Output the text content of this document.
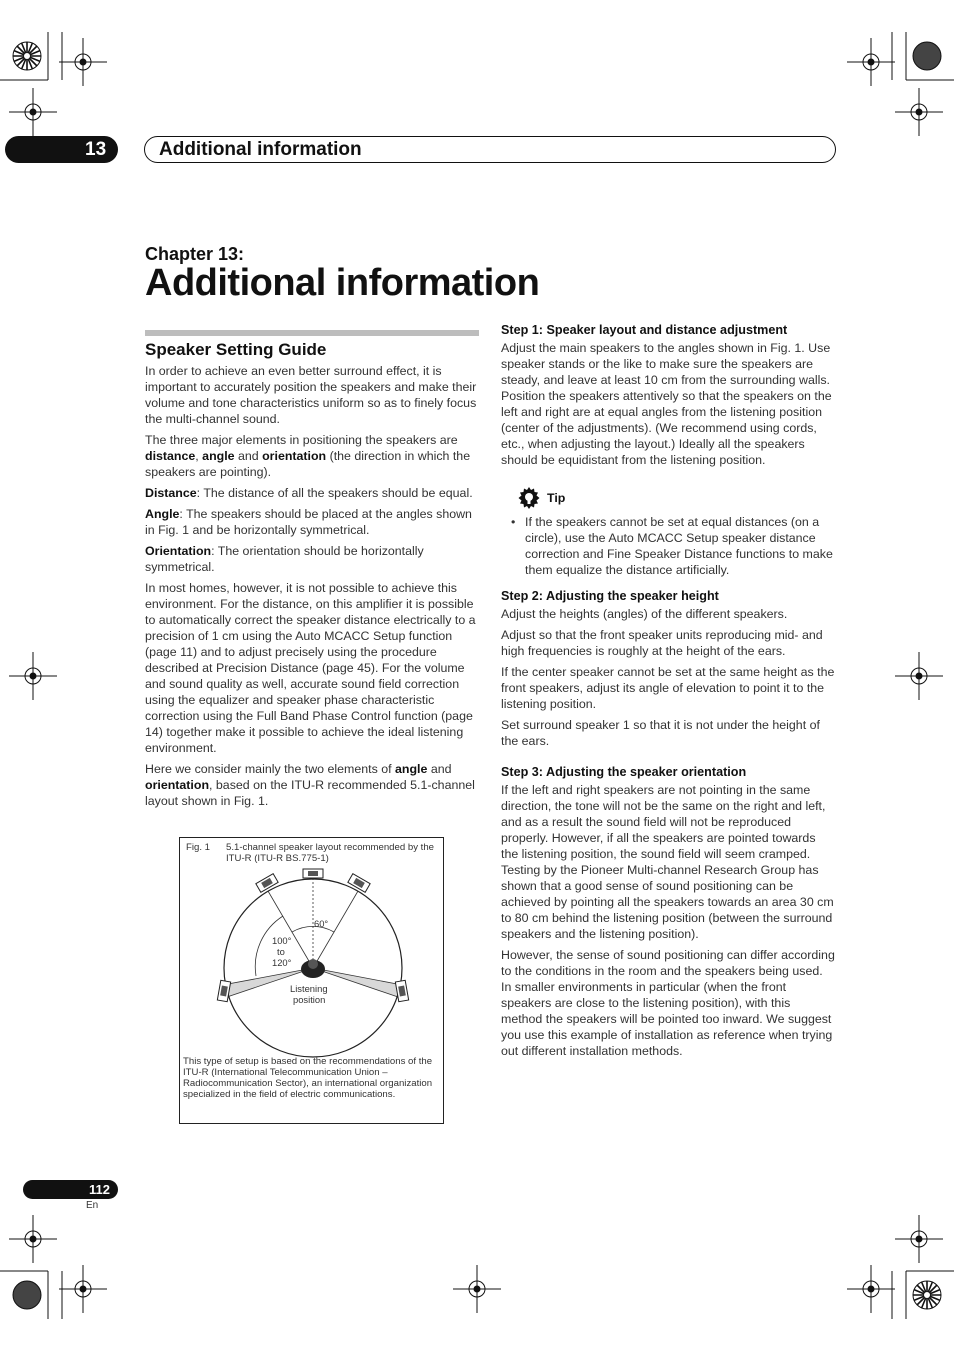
13	Additional information
Chapter 13:
Additional information
Speaker Setting Guide

In order to achieve an even better surround effect, it is important to accurately position the speakers and make their volume and tone characteristics uniform so as to finely focus the multi-channel sound.

The three major elements in positioning the speakers are distance, angle and orientation (the direction in which the speakers are pointing).

Distance: The distance of all the speakers should be equal.

Angle: The speakers should be placed at the angles shown in Fig. 1 and be horizontally symmetrical.

Orientation: The orientation should be horizontally symmetrical.

In most homes, however, it is not possible to achieve this environment. For the distance, on this amplifier it is possible to automatically correct the speaker distance electrically to a precision of 1 cm using the Auto MCACC Setup function (page 11) and to adjust precisely using the procedure described at Precision Distance (page 45). For the volume and sound quality as well, accurate sound field correction using the equalizer and speaker phase characteristic correction using the Full Band Phase Control function (page 14) together make it possible to achieve the ideal listening environment.

Here we consider mainly the two elements of angle and orientation, based on the ITU-R recommended 5.1-channel layout shown in Fig. 1.

60°
100°
to
120°
Listening
position
Fig. 1 5.1-channel speaker layout recommended by the ITU-R (ITU-R BS.775-1)
This type of setup is based on the recommendations of the ITU-R (International Telecommunication Union – Radiocommunication Sector), an international organization specialized in the field of electric communications.
Step 1: Speaker layout and distance adjustment

Adjust the main speakers to the angles shown in Fig. 1. Use speaker stands or the like to make sure the speakers are steady, and leave at least 10 cm from the surrounding walls. Position the speakers attentively so that the speakers on the left and right are at equal angles from the listening position (center of the adjustments). (We recommend using cords, etc., when adjusting the layout.) Ideally all the speakers should be equidistant from the listening position.

Tip
• If the speakers cannot be set at equal distances (on a circle), use the Auto MCACC Setup speaker distance correction and Fine Speaker Distance functions to make them equalize the distance artificially.
Step 2: Adjusting the speaker height

Adjust the heights (angles) of the different speakers.

Adjust so that the front speaker units reproducing mid- and high frequencies is roughly at the height of the ears.

If the center speaker cannot be set at the same height as the front speakers, adjust its angle of elevation to point it to the listening position.

Set surround speaker 1 so that it is not under the height of the ears.

Step 3: Adjusting the speaker orientation

If the left and right speakers are not pointing in the same direction, the tone will not be the same on the right and left, and as a result the sound field will not be reproduced properly. However, if all the speakers are pointed towards the listening position, the sound field will seem cramped. Testing by the Pioneer Multi-channel Research Group has shown that a good sense of sound positioning can be achieved by pointing all the speakers towards an area 30 cm to 80 cm behind the listening position (between the surround speakers and the listening position).

However, the sense of sound positioning can differ according to the conditions in the room and the speakers being used. In smaller environments in particular (when the front speakers are close to the listening position), with this method the speakers will be pointed too inward. We suggest you use this example of installation as reference when trying out different installation methods.

112
En
